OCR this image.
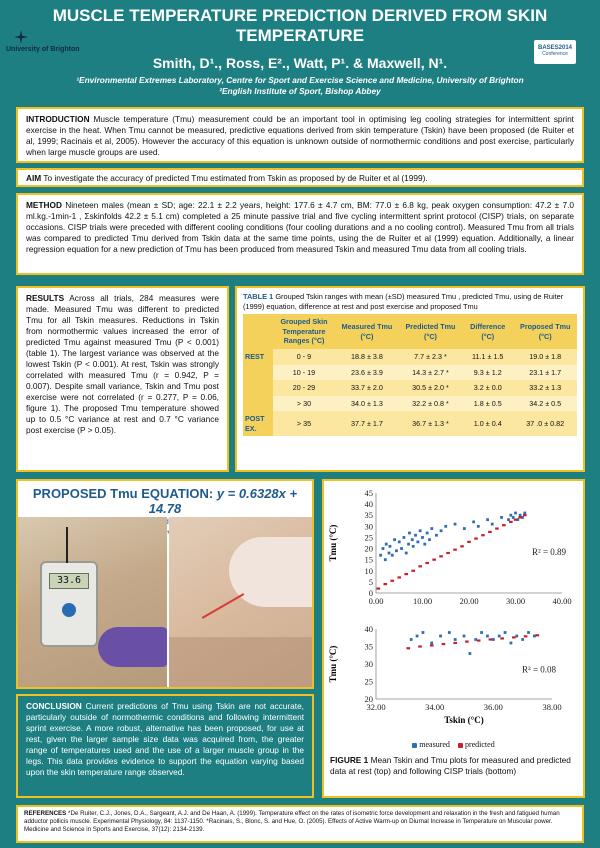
University of Brighton	BASES2014
Conference
MUSCLE TEMPERATURE PREDICTION DERIVED FROM SKIN TEMPERATURE
Smith, D¹., Ross, E²., Watt, P¹. & Maxwell, N¹.
¹Environmental Extremes Laboratory, Centre for Sport and Exercise Science and Medicine, University of Brighton
²English Institute of Sport, Bishop Abbey
INTRODUCTION Muscle temperature (Tmu) measurement could be an important tool in optimising leg cooling strategies for intermittent sprint exercise in the heat. When Tmu cannot be measured, predictive equations derived from skin temperature (Tskin) have been proposed (de Ruiter et al, 1999; Racinais et al, 2005). However the accuracy of this equation is unknown outside of normothermic conditions and post exercise, particularly when large muscle groups are used.
AIM To investigate the accuracy of predicted Tmu estimated from Tskin as proposed by de Ruiter et al (1999).
METHOD Nineteen males (mean ± SD; age: 22.1 ± 2.2 years, height: 177.6 ± 4.7 cm, BM: 77.0 ± 6.8 kg, peak oxygen consumption: 47.2 ± 7.0 ml.kg.-1min-1 , Σskinfolds 42.2 ± 5.1 cm) completed a 25 minute passive trial and five cycling intermittent sprint protocol (CISP) trials, on separate occasions. CISP trials were preceded with different cooling conditions (four cooling durations and a no cooling control). Measured Tmu from all trials was compared to predicted Tmu derived from Tskin data at the same time points, using the de Ruiter et al (1999) equation. Additionally, a linear regression equation for a new prediction of Tmu has been produced from measured Tskin and measured Tmu data from all cooling trials.
RESULTS Across all trials, 284 measures were made. Measured Tmu was different to predicted Tmu for all Tskin measures. Reductions in Tskin from normothermic values increased the error of predicted Tmu against measured Tmu (P < 0.001) (table 1). The largest variance was observed at the lowest Tskin (P < 0.001). At rest, Tskin was strongly correlated with measured Tmu (r = 0.942, P = 0.007). Despite small variance, Tskin and Tmu post exercise were not correlated (r = 0.277, P = 0.06, figure 1). The proposed Tmu temperature showed up to 0.5 °C variance at rest and 0.7 °C variance post exercise (P > 0.05).
TABLE 1 Grouped Tskin ranges with mean (±SD) measured Tmu , predicted Tmu, using de Ruiter (1999) equation, difference at rest and post exercise and proposed Tmu
	Grouped Skin Temperature Ranges (°C)	Measured Tmu (°C)	Predicted Tmu (°C)	Difference (°C)	Proposed Tmu (°C)
REST	0 - 9	18.8 ± 3.8	7.7 ± 2.3 *	11.1 ± 1.5	19.0 ± 1.8
	10 - 19	23.6 ± 3.9	14.3 ± 2.7 *	9.3 ± 1.2	23.1 ± 1.7
	20 - 29	33.7 ± 2.0	30.5 ± 2.0 *	3.2 ± 0.0	33.2 ± 1.3
	> 30	34.0 ± 1.3	32.2 ± 0.8 *	1.8 ± 0.5	34.2 ± 0.5
POST EX.	> 35	37.7 ± 1.7	36.7 ± 1.3 *	1.0 ± 0.4	37 .0 ± 0.82
PROPOSED Tmu EQUATION: y = 0.6328x + 14.78
33.6
CONCLUSION Current predictions of Tmu using Tskin are not accurate, particularly outside of normothermic conditions and following intermittent sprint exercise. A more robust, alternative has been proposed, for use at rest, given the larger sample size data was acquired from, the greater range of temperatures used and the use of a larger muscle group in the legs. This data provides evidence to support the equation varying based upon the skin temperature range observed.
0
5
10
15
20
25
30
35
40
45
0.00	10.00	20.00	30.00	40.00
Tmu (°C)	R² = 0.89
20
25
30
35
40
32.00	34.00	36.00	38.00
Tmu (°C)
Tskin (°C)
R² = 0.08
measured predicted
FIGURE 1 Mean Tskin and Tmu plots for measured and predicted data at rest (top) and following CISP trials (bottom)
REFERENCES *De Ruiter, C.J., Jones, D.A., Sargeant, A.J. and De Haan, A. (1999). Temperature effect on the rates of isometric force development and relaxation in the fresh and fatigued human adductor pollicis muscle. Experimental Physiology, 84: 1137-1150. *Racinais, S., Blonc, S. and Hue, O. (2005). Effects of Active Warm-up on Diurnal Increase in Temperature on Muscular power. Medicine and Science in Sports and Exercise, 37(12): 2134-2139.
